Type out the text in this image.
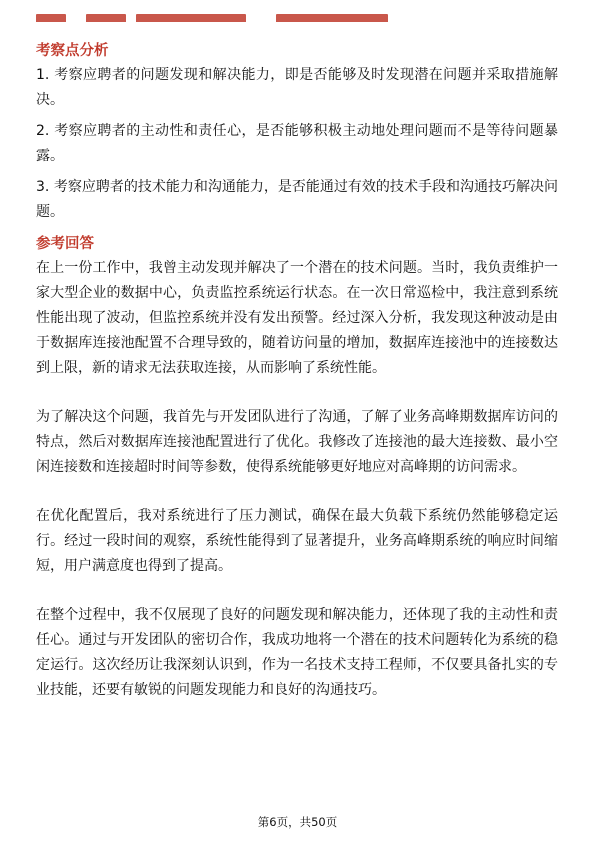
考察点分析

1. 考察应聘者的问题发现和解决能力，即是否能够及时发现潜在问题并采取措施解决。

2. 考察应聘者的主动性和责任心，是否能够积极主动地处理问题而不是等待问题暴露。

3. 考察应聘者的技术能力和沟通能力，是否能通过有效的技术手段和沟通技巧解决问题。

参考回答

在上一份工作中，我曾主动发现并解决了一个潜在的技术问题。当时，我负责维护一家大型企业的数据中心，负责监控系统运行状态。在一次日常巡检中，我注意到系统性能出现了波动，但监控系统并没有发出预警。经过深入分析，我发现这种波动是由于数据库连接池配置不合理导致的，随着访问量的增加，数据库连接池中的连接数达到上限，新的请求无法获取连接，从而影响了系统性能。

为了解决这个问题，我首先与开发团队进行了沟通，了解了业务高峰期数据库访问的特点，然后对数据库连接池配置进行了优化。我修改了连接池的最大连接数、最小空闲连接数和连接超时时间等参数，使得系统能够更好地应对高峰期的访问需求。

在优化配置后，我对系统进行了压力测试，确保在最大负载下系统仍然能够稳定运行。经过一段时间的观察，系统性能得到了显著提升，业务高峰期系统的响应时间缩短，用户满意度也得到了提高。

在整个过程中，我不仅展现了良好的问题发现和解决能力，还体现了我的主动性和责任心。通过与开发团队的密切合作，我成功地将一个潜在的技术问题转化为系统的稳定运行。这次经历让我深刻认识到，作为一名技术支持工程师，不仅要具备扎实的专业技能，还要有敏锐的问题发现能力和良好的沟通技巧。

第6页，共50页
